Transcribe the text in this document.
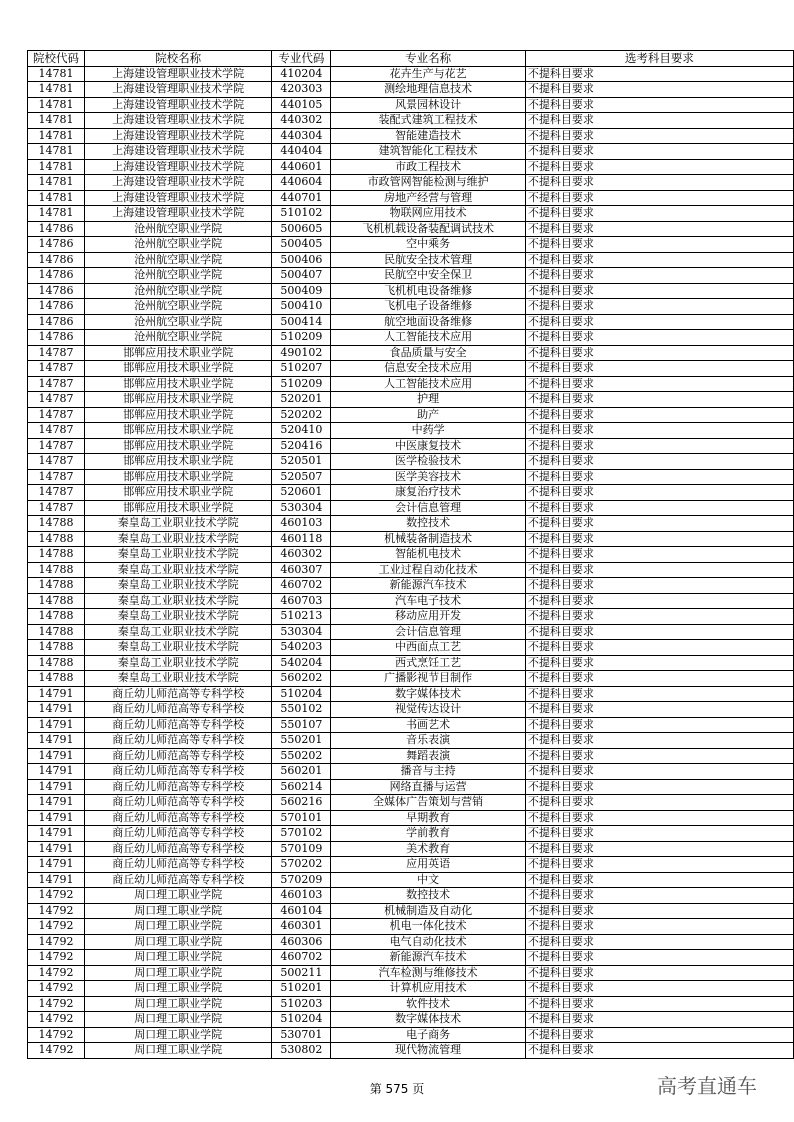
院校代码	院校名称	专业代码	专业名称	选考科目要求
14781	上海建设管理职业技术学院	410204	花卉生产与花艺	不提科目要求
14781	上海建设管理职业技术学院	420303	测绘地理信息技术	不提科目要求
14781	上海建设管理职业技术学院	440105	风景园林设计	不提科目要求
14781	上海建设管理职业技术学院	440302	装配式建筑工程技术	不提科目要求
14781	上海建设管理职业技术学院	440304	智能建造技术	不提科目要求
14781	上海建设管理职业技术学院	440404	建筑智能化工程技术	不提科目要求
14781	上海建设管理职业技术学院	440601	市政工程技术	不提科目要求
14781	上海建设管理职业技术学院	440604	市政管网智能检测与维护	不提科目要求
14781	上海建设管理职业技术学院	440701	房地产经营与管理	不提科目要求
14781	上海建设管理职业技术学院	510102	物联网应用技术	不提科目要求
14786	沧州航空职业学院	500605	飞机机载设备装配调试技术	不提科目要求
14786	沧州航空职业学院	500405	空中乘务	不提科目要求
14786	沧州航空职业学院	500406	民航安全技术管理	不提科目要求
14786	沧州航空职业学院	500407	民航空中安全保卫	不提科目要求
14786	沧州航空职业学院	500409	飞机机电设备维修	不提科目要求
14786	沧州航空职业学院	500410	飞机电子设备维修	不提科目要求
14786	沧州航空职业学院	500414	航空地面设备维修	不提科目要求
14786	沧州航空职业学院	510209	人工智能技术应用	不提科目要求
14787	邯郸应用技术职业学院	490102	食品质量与安全	不提科目要求
14787	邯郸应用技术职业学院	510207	信息安全技术应用	不提科目要求
14787	邯郸应用技术职业学院	510209	人工智能技术应用	不提科目要求
14787	邯郸应用技术职业学院	520201	护理	不提科目要求
14787	邯郸应用技术职业学院	520202	助产	不提科目要求
14787	邯郸应用技术职业学院	520410	中药学	不提科目要求
14787	邯郸应用技术职业学院	520416	中医康复技术	不提科目要求
14787	邯郸应用技术职业学院	520501	医学检验技术	不提科目要求
14787	邯郸应用技术职业学院	520507	医学美容技术	不提科目要求
14787	邯郸应用技术职业学院	520601	康复治疗技术	不提科目要求
14787	邯郸应用技术职业学院	530304	会计信息管理	不提科目要求
14788	秦皇岛工业职业技术学院	460103	数控技术	不提科目要求
14788	秦皇岛工业职业技术学院	460118	机械装备制造技术	不提科目要求
14788	秦皇岛工业职业技术学院	460302	智能机电技术	不提科目要求
14788	秦皇岛工业职业技术学院	460307	工业过程自动化技术	不提科目要求
14788	秦皇岛工业职业技术学院	460702	新能源汽车技术	不提科目要求
14788	秦皇岛工业职业技术学院	460703	汽车电子技术	不提科目要求
14788	秦皇岛工业职业技术学院	510213	移动应用开发	不提科目要求
14788	秦皇岛工业职业技术学院	530304	会计信息管理	不提科目要求
14788	秦皇岛工业职业技术学院	540203	中西面点工艺	不提科目要求
14788	秦皇岛工业职业技术学院	540204	西式烹饪工艺	不提科目要求
14788	秦皇岛工业职业技术学院	560202	广播影视节目制作	不提科目要求
14791	商丘幼儿师范高等专科学校	510204	数字媒体技术	不提科目要求
14791	商丘幼儿师范高等专科学校	550102	视觉传达设计	不提科目要求
14791	商丘幼儿师范高等专科学校	550107	书画艺术	不提科目要求
14791	商丘幼儿师范高等专科学校	550201	音乐表演	不提科目要求
14791	商丘幼儿师范高等专科学校	550202	舞蹈表演	不提科目要求
14791	商丘幼儿师范高等专科学校	560201	播音与主持	不提科目要求
14791	商丘幼儿师范高等专科学校	560214	网络直播与运营	不提科目要求
14791	商丘幼儿师范高等专科学校	560216	全媒体广告策划与营销	不提科目要求
14791	商丘幼儿师范高等专科学校	570101	早期教育	不提科目要求
14791	商丘幼儿师范高等专科学校	570102	学前教育	不提科目要求
14791	商丘幼儿师范高等专科学校	570109	美术教育	不提科目要求
14791	商丘幼儿师范高等专科学校	570202	应用英语	不提科目要求
14791	商丘幼儿师范高等专科学校	570209	中文	不提科目要求
14792	周口理工职业学院	460103	数控技术	不提科目要求
14792	周口理工职业学院	460104	机械制造及自动化	不提科目要求
14792	周口理工职业学院	460301	机电一体化技术	不提科目要求
14792	周口理工职业学院	460306	电气自动化技术	不提科目要求
14792	周口理工职业学院	460702	新能源汽车技术	不提科目要求
14792	周口理工职业学院	500211	汽车检测与维修技术	不提科目要求
14792	周口理工职业学院	510201	计算机应用技术	不提科目要求
14792	周口理工职业学院	510203	软件技术	不提科目要求
14792	周口理工职业学院	510204	数字媒体技术	不提科目要求
14792	周口理工职业学院	530701	电子商务	不提科目要求
14792	周口理工职业学院	530802	现代物流管理	不提科目要求
第 575 页	高考直通车
